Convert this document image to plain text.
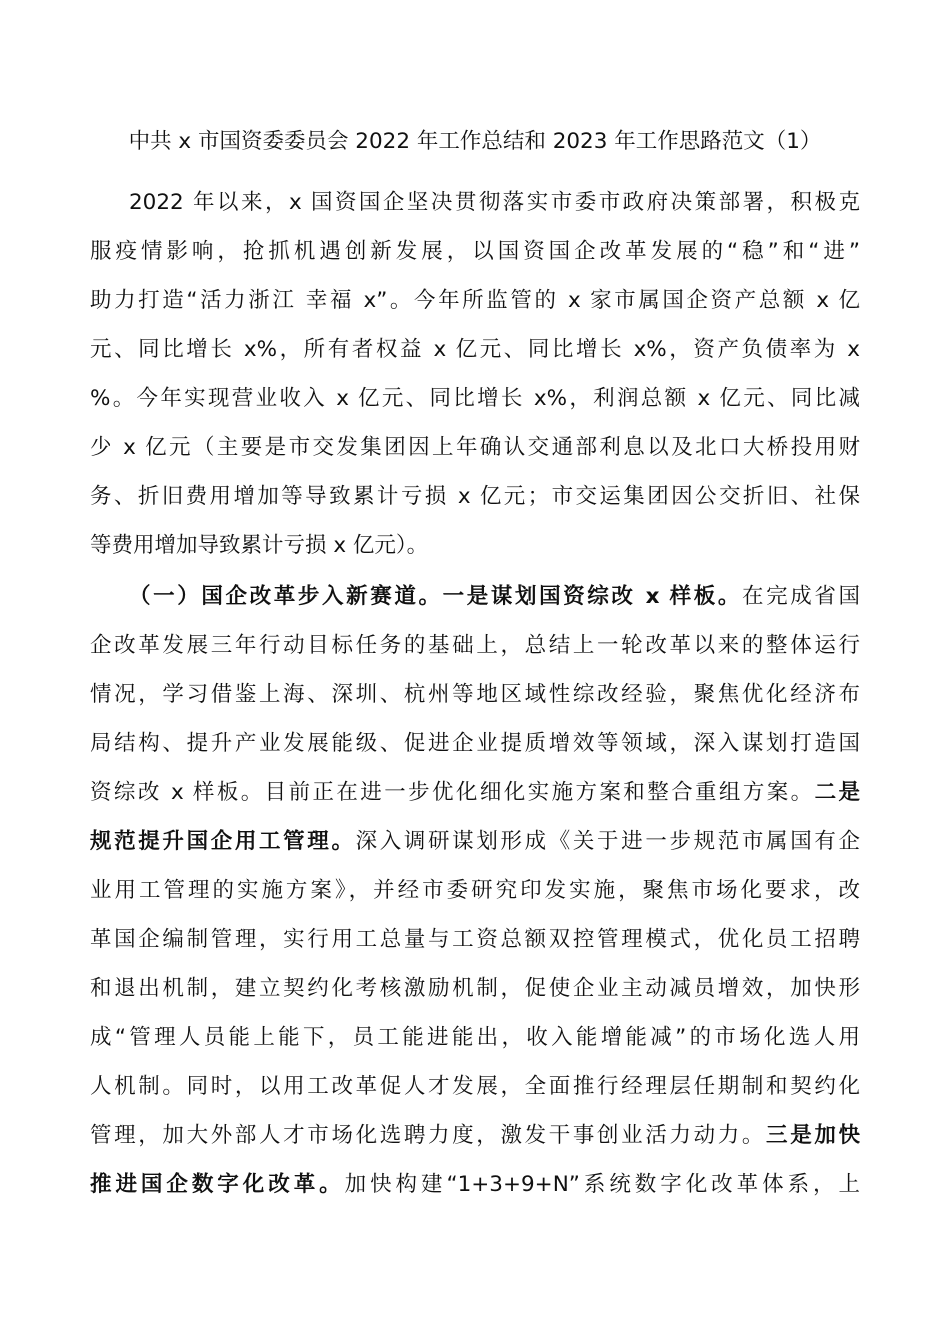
中共 x 市国资委委员会 2022 年工作总结和 2023 年工作思路范文（1）
2022 年以来，x 国资国企坚决贯彻落实市委市政府决策部署，积极克
服疫情影响，抢抓机遇创新发展，以国资国企改革发展的“稳”和“进”
助力打造“活力浙江 幸福 x”。今年所监管的 x 家市属国企资产总额 x 亿
元、同比增长 x%，所有者权益 x 亿元、同比增长 x%，资产负债率为 x
%。今年实现营业收入 x 亿元、同比增长 x%，利润总额 x 亿元、同比减
少 x 亿元（主要是市交发集团因上年确认交通部利息以及北口大桥投用财
务、折旧费用增加等导致累计亏损 x 亿元；市交运集团因公交折旧、社保
等费用增加导致累计亏损 x 亿元）。
（一）国企改革步入新赛道。一是谋划国资综改 x 样板。在完成省国
企改革发展三年行动目标任务的基础上，总结上一轮改革以来的整体运行
情况，学习借鉴上海、深圳、杭州等地区域性综改经验，聚焦优化经济布
局结构、提升产业发展能级、促进企业提质增效等领域，深入谋划打造国
资综改 x 样板。目前正在进一步优化细化实施方案和整合重组方案。二是
规范提升国企用工管理。深入调研谋划形成《关于进一步规范市属国有企
业用工管理的实施方案》，并经市委研究印发实施，聚焦市场化要求，改
革国企编制管理，实行用工总量与工资总额双控管理模式，优化员工招聘
和退出机制，建立契约化考核激励机制，促使企业主动减员增效，加快形
成“管理人员能上能下，员工能进能出，收入能增能减”的市场化选人用
人机制。同时，以用工改革促人才发展，全面推行经理层任期制和契约化
管理，加大外部人才市场化选聘力度，激发干事创业活力动力。三是加快
推进国企数字化改革。加快构建“1+3+9+N”系统数字化改革体系，上
